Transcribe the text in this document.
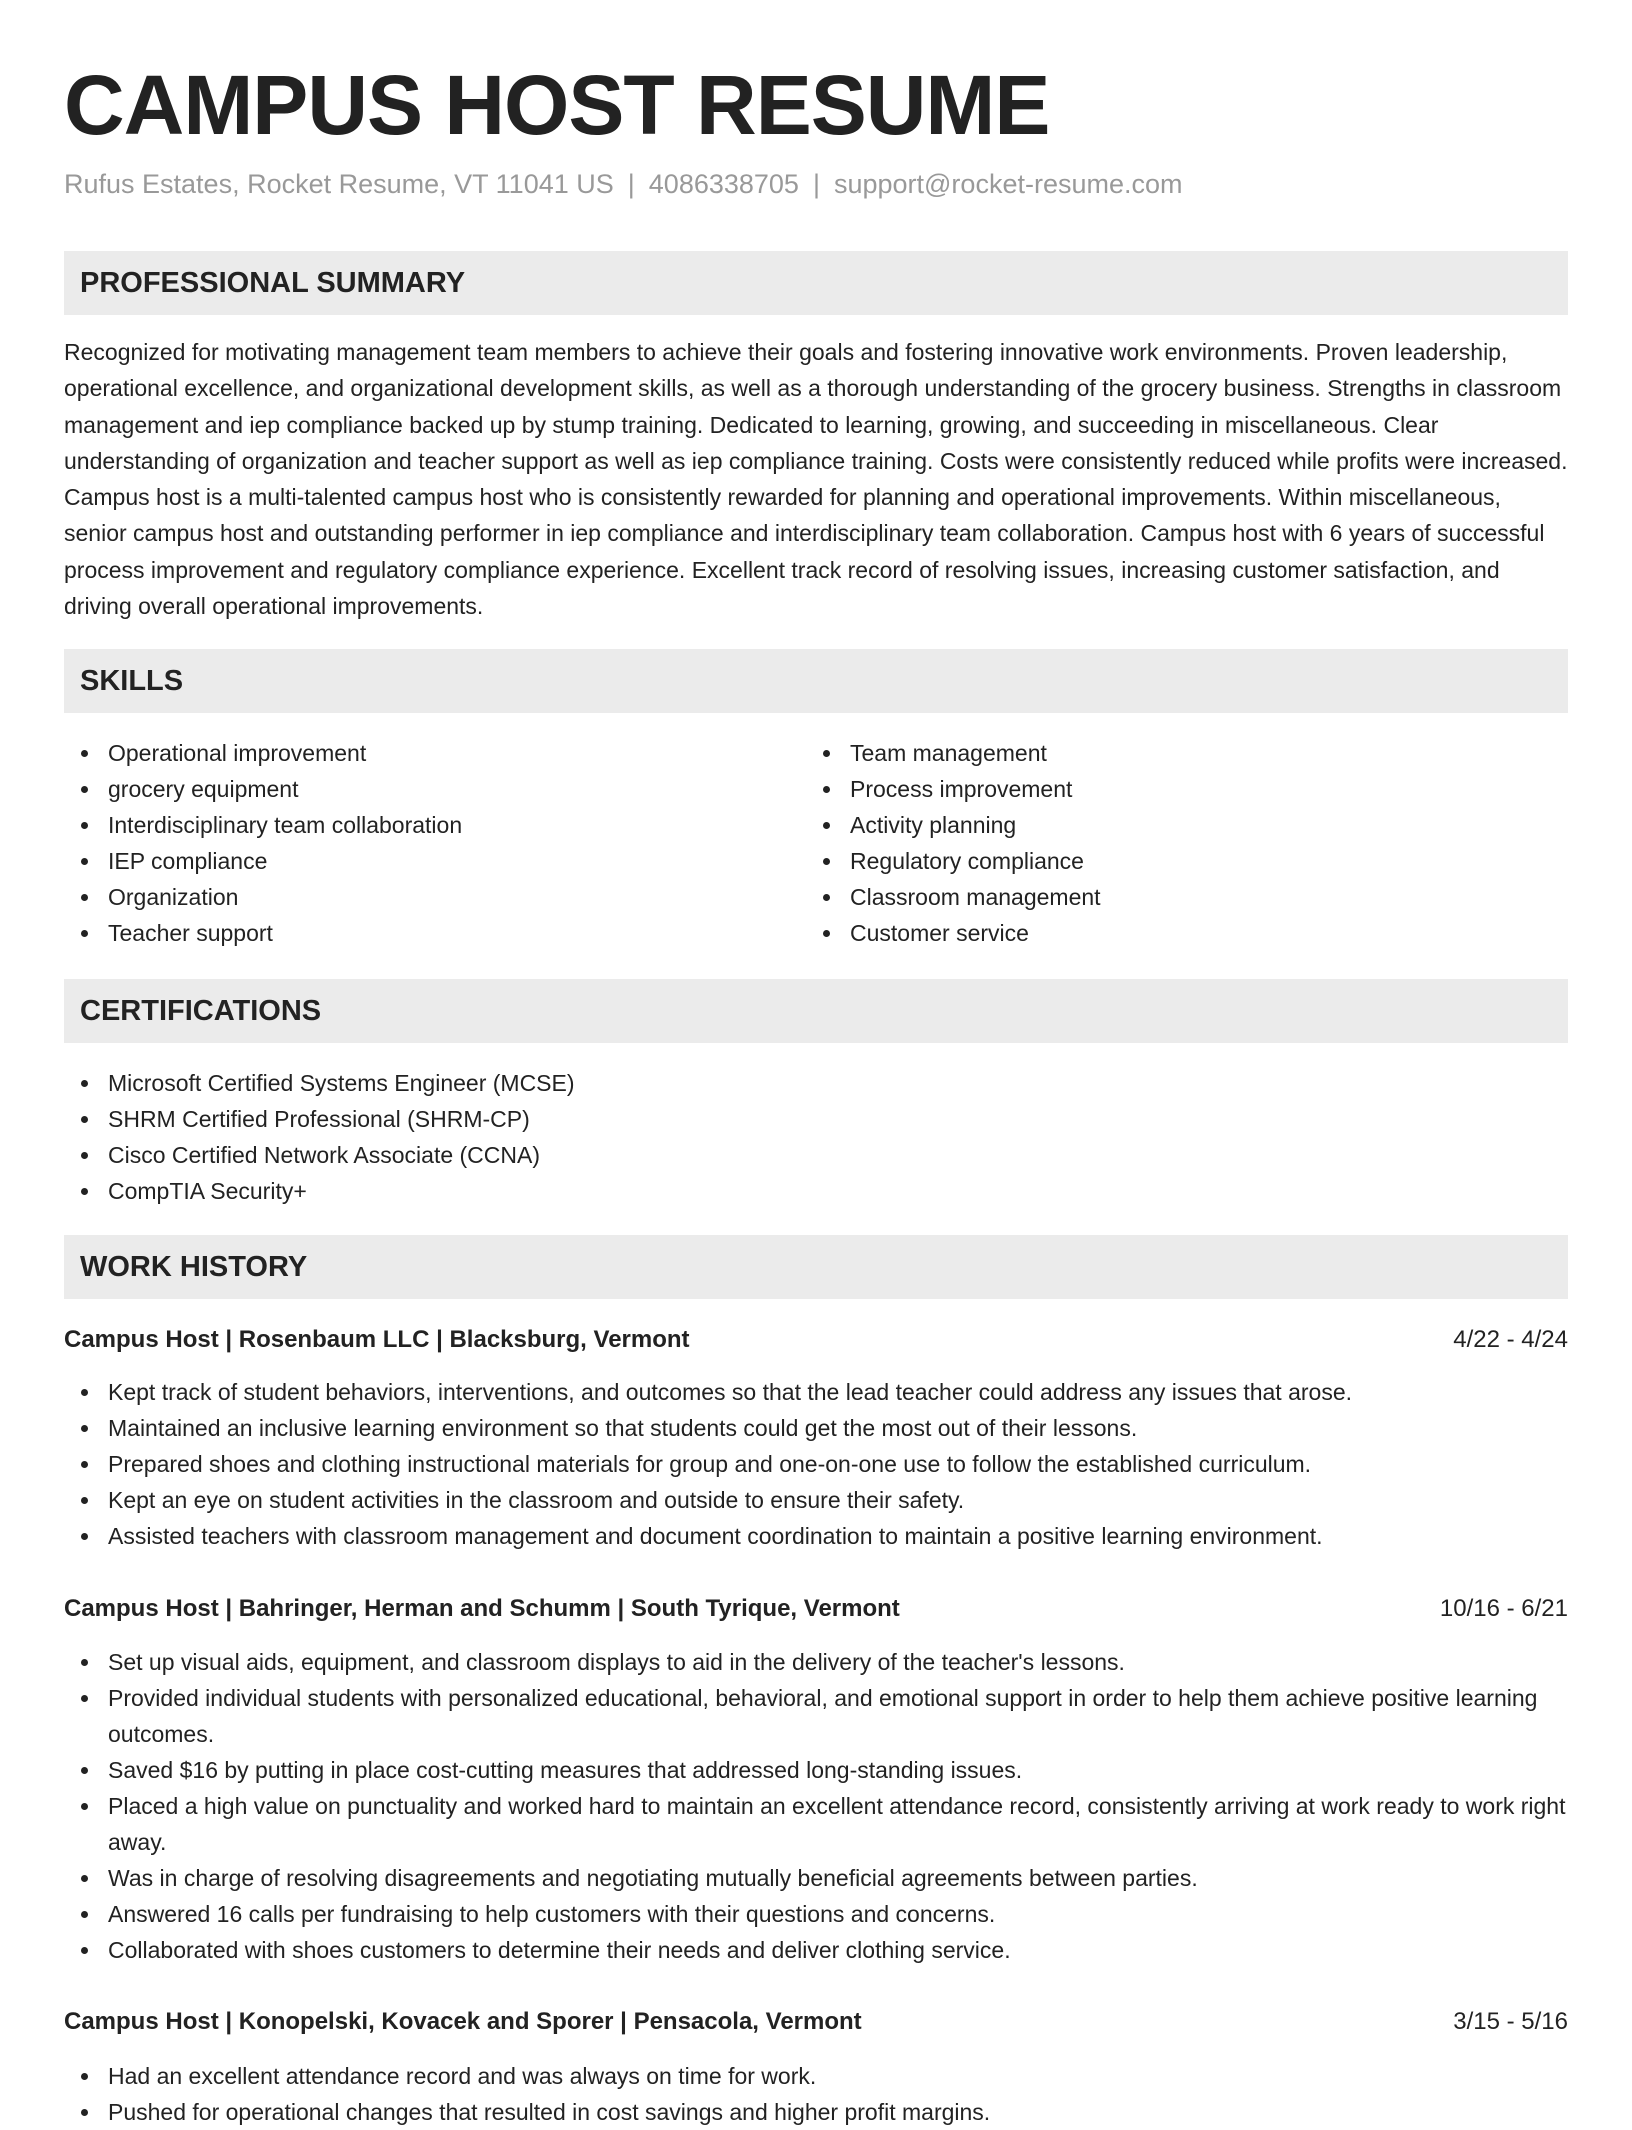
CAMPUS HOST RESUME
Rufus Estates, Rocket Resume, VT 11041 US | 4086338705 | support@rocket-resume.com
PROFESSIONAL SUMMARY

Recognized for motivating management team members to achieve their goals and fostering innovative work environments. Proven leadership, operational excellence, and organizational development skills, as well as a thorough understanding of the grocery business. Strengths in classroom management and iep compliance backed up by stump training. Dedicated to learning, growing, and succeeding in miscellaneous. Clear understanding of organization and teacher support as well as iep compliance training. Costs were consistently reduced while profits were increased. Campus host is a multi-talented campus host who is consistently rewarded for planning and operational improvements. Within miscellaneous, senior campus host and outstanding performer in iep compliance and interdisciplinary team collaboration. Campus host with 6 years of successful process improvement and regulatory compliance experience. Excellent track record of resolving issues, increasing customer satisfaction, and driving overall operational improvements.

SKILLS
Operational improvement
grocery equipment
Interdisciplinary team collaboration
IEP compliance
Organization
Teacher support
Team management
Process improvement
Activity planning
Regulatory compliance
Classroom management
Customer service
CERTIFICATIONS
Microsoft Certified Systems Engineer (MCSE)
SHRM Certified Professional (SHRM-CP)
Cisco Certified Network Associate (CCNA)
CompTIA Security+
WORK HISTORY
Campus Host | Rosenbaum LLC | Blacksburg, Vermont	4/22 - 4/24
Kept track of student behaviors, interventions, and outcomes so that the lead teacher could address any issues that arose.
Maintained an inclusive learning environment so that students could get the most out of their lessons.
Prepared shoes and clothing instructional materials for group and one-on-one use to follow the established curriculum.
Kept an eye on student activities in the classroom and outside to ensure their safety.
Assisted teachers with classroom management and document coordination to maintain a positive learning environment.
Campus Host | Bahringer, Herman and Schumm | South Tyrique, Vermont	10/16 - 6/21
Set up visual aids, equipment, and classroom displays to aid in the delivery of the teacher's lessons.
Provided individual students with personalized educational, behavioral, and emotional support in order to help them achieve positive learning outcomes.
Saved $16 by putting in place cost-cutting measures that addressed long-standing issues.
Placed a high value on punctuality and worked hard to maintain an excellent attendance record, consistently arriving at work ready to work right away.
Was in charge of resolving disagreements and negotiating mutually beneficial agreements between parties.
Answered 16 calls per fundraising to help customers with their questions and concerns.
Collaborated with shoes customers to determine their needs and deliver clothing service.
Campus Host | Konopelski, Kovacek and Sporer | Pensacola, Vermont	3/15 - 5/16
Had an excellent attendance record and was always on time for work.
Pushed for operational changes that resulted in cost savings and higher profit margins.
